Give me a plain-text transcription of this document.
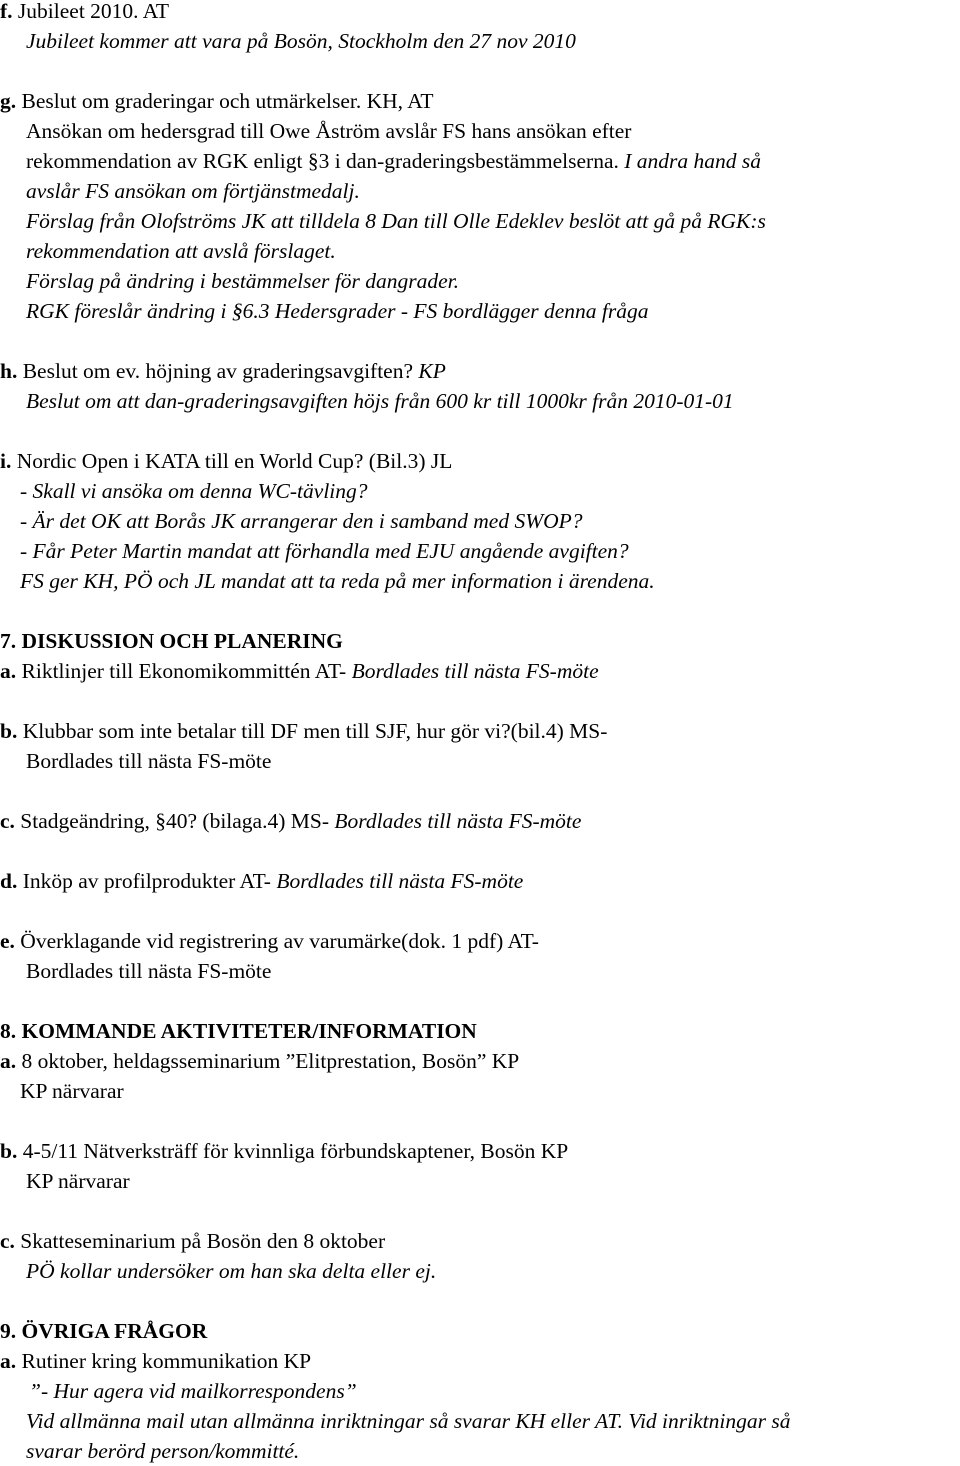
f. Jubileet 2010. AT
Jubileet kommer att vara på Bosön, Stockholm den 27 nov 2010
g. Beslut om graderingar och utmärkelser. KH, AT
Ansökan om hedersgrad till Owe Åström avslår FS hans ansökan efter
rekommendation av RGK enligt §3 i dan-graderingsbestämmelserna. I andra hand så
avslår FS ansökan om förtjänstmedalj.
Förslag från Olofströms JK att tilldela 8 Dan till Olle Edeklev beslöt att gå på RGK:s
rekommendation att avslå förslaget.
Förslag på ändring i bestämmelser för dangrader.
RGK föreslår ändring i §6.3 Hedersgrader - FS bordlägger denna fråga
h. Beslut om ev. höjning av graderingsavgiften? KP
Beslut om att dan-graderingsavgiften höjs från 600 kr till 1000kr från 2010-01-01
i. Nordic Open i KATA till en World Cup? (Bil.3) JL
- Skall vi ansöka om denna WC-tävling?
- Är det OK att Borås JK arrangerar den i samband med SWOP?
- Får Peter Martin mandat att förhandla med EJU angående avgiften?
FS ger KH, PÖ och JL mandat att ta reda på mer information i ärendena.
7. DISKUSSION OCH PLANERING
a. Riktlinjer till Ekonomikommittén AT- Bordlades till nästa FS-möte
b. Klubbar som inte betalar till DF men till SJF, hur gör vi?(bil.4) MS-
Bordlades till nästa FS-möte
c. Stadgeändring, §40? (bilaga.4) MS- Bordlades till nästa FS-möte
d. Inköp av profilprodukter AT- Bordlades till nästa FS-möte
e. Överklagande vid registrering av varumärke(dok. 1 pdf) AT-
Bordlades till nästa FS-möte
8. KOMMANDE AKTIVITETER/INFORMATION
a. 8 oktober, heldagsseminarium ”Elitprestation, Bosön” KP
KP närvarar
b. 4-5/11 Nätverksträff för kvinnliga förbundskaptener, Bosön KP
KP närvarar
c. Skatteseminarium på Bosön den 8 oktober
PÖ kollar undersöker om han ska delta eller ej.
9. ÖVRIGA FRÅGOR
a. Rutiner kring kommunikation KP
”- Hur agera vid mailkorrespondens”
Vid allmänna mail utan allmänna inriktningar så svarar KH eller AT. Vid inriktningar så
svarar berörd person/kommitté.
